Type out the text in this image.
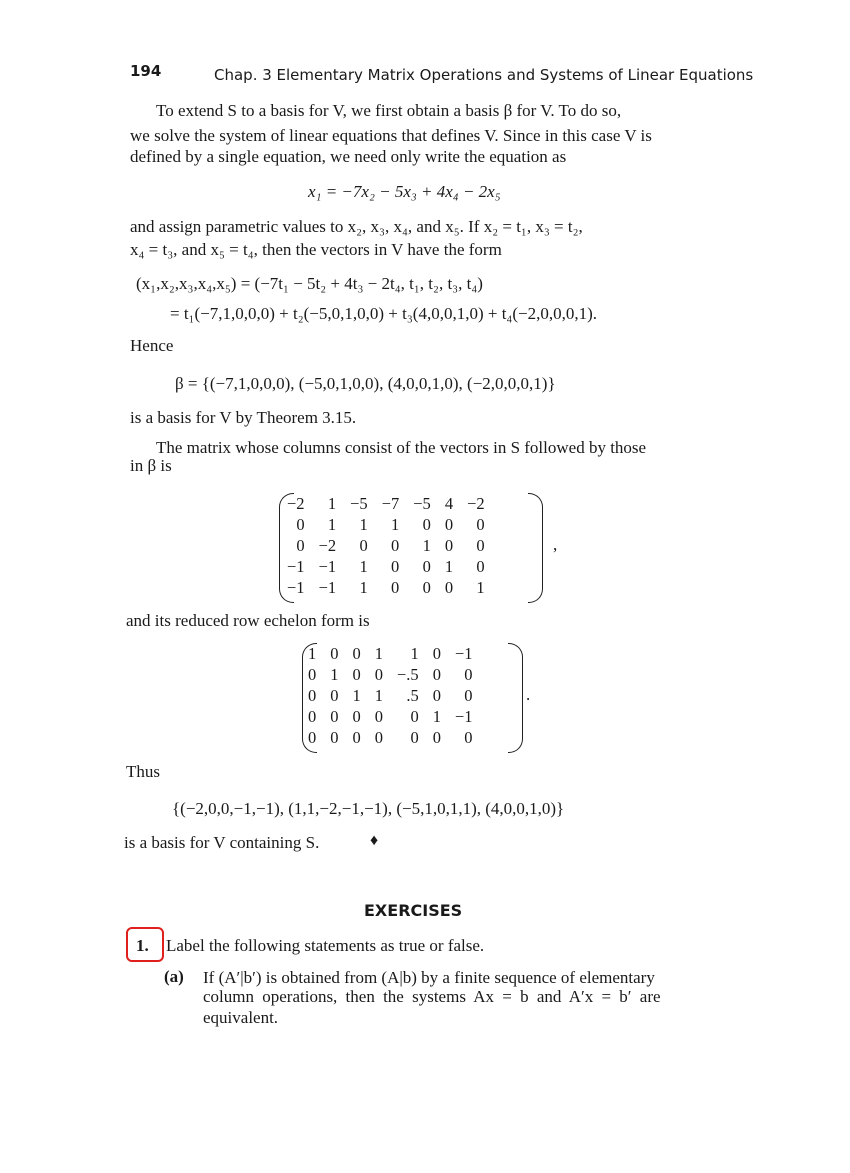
194	Chap. 3 Elementary Matrix Operations and Systems of Linear Equations
To extend S to a basis for V, we first obtain a basis β for V. To do so,
we solve the system of linear equations that defines V. Since in this case V is
defined by a single equation, we need only write the equation as
x₁ = −7x₂ − 5x₃ + 4x₄ − 2x₅
and assign parametric values to x₂, x₃, x₄, and x₅. If x₂ = t₁, x₃ = t₂,
x₄ = t₃, and x₅ = t₄, then the vectors in V have the form
(x₁,x₂,x₃,x₄,x₅) = (−7t₁ − 5t₂ + 4t₃ − 2t₄, t₁, t₂, t₃, t₄)
= t₁(−7,1,0,0,0) + t₂(−5,0,1,0,0) + t₃(4,0,0,1,0) + t₄(−2,0,0,0,1).
Hence
β = {(−7,1,0,0,0), (−5,0,1,0,0), (4,0,0,1,0), (−2,0,0,0,1)}
is a basis for V by Theorem 3.15.
The matrix whose columns consist of the vectors in S followed by those
in β is
−2	1	−5	−7	−5	4	−2
0	1	1	1	0	0	0
0	−2	0	0	1	0	0
−1	−1	1	0	0	1	0
−1	−1	1	0	0	0	1
,
and its reduced row echelon form is
1	0	0	1	1	0	−1
0	1	0	0	−.5	0	0
0	0	1	1	.5	0	0
0	0	0	0	0	1	−1
0	0	0	0	0	0	0
.
Thus
{(−2,0,0,−1,−1), (1,1,−2,−1,−1), (−5,1,0,1,1), (4,0,0,1,0)}
is a basis for V containing S.	♦
EXERCISES
1. Label the following statements as true or false.
(a) If (A′|b′) is obtained from (A|b) by a finite sequence of elementary
column operations, then the systems Ax = b and A′x = b′ are
equivalent.
